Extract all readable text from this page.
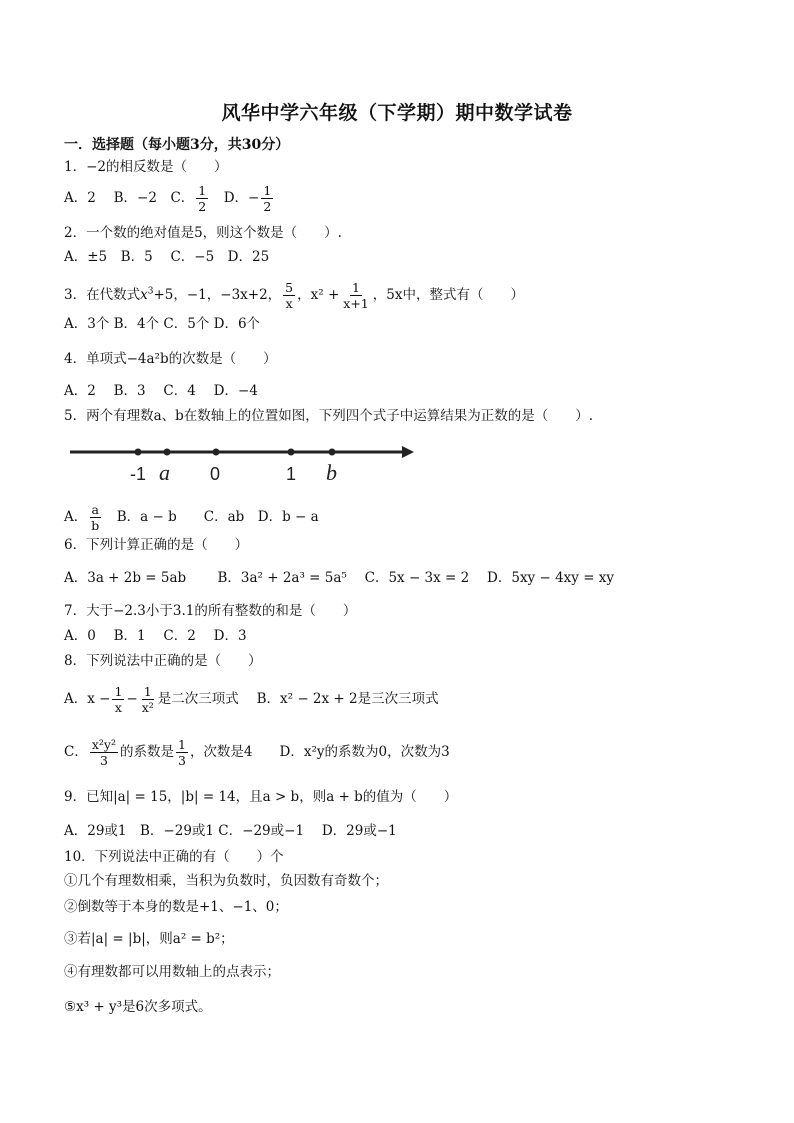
风华中学六年级（下学期）期中数学试卷
一．选择题（每小题3分，共30分）
1．−2的相反数是（　　）
A．2　 B．−2　C． $\frac{1}{2}$ 　D．− $\frac{1}{2}$
2．一个数的绝对值是5，则这个数是（　　）.
A．±5　B．5　 C．−5　D．25
3．在代数式$x^3+5$，−1，−3x+2， $\frac{5}{x}$ ，$x^2 + \frac{1}{x+1}$ ，5x中，整式有（　　）
A．3个 B．4个 C．5个 D．6个
4．单项式−4a²b的次数是（　　）
A．2　 B．3　 C．4　 D．−4
5．两个有理数a、b在数轴上的位置如图，下列四个式子中运算结果为正数的是（　　）.
-1 a 0	1 b
A． $\frac{a}{b}$ 　B．a − b　　C．ab　D．b − a
6．下列计算正确的是（　　）
A．3a + 2b = 5ab　　 B．3a² + 2a³ = 5a⁵　 C．5x − 3x = 2　 D．5xy − 4xy = xy
7．大于−2.3小于3.1的所有整数的和是（　　）
A．0　 B．1　 C．2　 D．3
8．下列说法中正确的是（　　）
A．$x - \frac{1}{x} - \frac{1}{\text{x²}}$ 是二次三项式　 B．x² − 2x + 2是三次三项式
C． $\frac{\text{x²y²}}{3}$ 的系数是 $\frac{1}{3}$ ，次数是4　　D．x²y的系数为0，次数为3
9．已知|a| = 15，|b| = 14，且a > b，则a + b的值为（　　）
A．29或1　B．−29或1 C．−29或−1　 D．29或−1
10．下列说法中正确的有（　　）个
①几个有理数相乘，当积为负数时，负因数有奇数个；
②倒数等于本身的数是+1、−1、0；
③若|a| = |b|，则a² = b²；
④有理数都可以用数轴上的点表示；
⑤x³ + y³是6次多项式。
